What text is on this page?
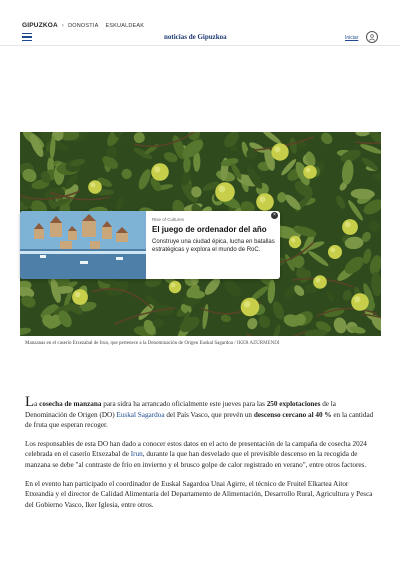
GIPUZKOA › DONOSTIA ESKUALDEAK
noticias de Gipuzkoa	Iniciar
Rise of Cultures
El juego de ordenador del año
Construye una ciudad épica, lucha en batallas estratégicas y explora el mundo de RoC.
×
Manzanas en el caserío Etxezabal de Irun, que pertenece a la Denominación de Origen Euskal Sagardoa / IKER AZURMENDI

La cosecha de manzana para sidra ha arrancado oficialmente este jueves para las 250 explotaciones de la Denominación de Origen (DO) Euskal Sagardoa del País Vasco, que prevén un descenso cercano al 40 % en la cantidad de fruta que esperan recoger.

Los responsables de esta DO han dado a conocer estos datos en el acto de presentación de la campaña de cosecha 2024 celebrada en el caserío Etxezabal de Irun, durante la que han desvelado que el previsible descenso en la recogida de manzana se debe "al contraste de frío en invierno y el brusco golpe de calor registrado en verano", entre otros factores.

En el evento han participado el coordinador de Euskal Sagardoa Unai Agirre, el técnico de Fruitel Elkartea Aitor Etxeandia y el director de Calidad Alimentaria del Departamento de Alimentación, Desarrollo Rural, Agricultura y Pesca del Gobierno Vasco, Iker Iglesia, entre otros.
